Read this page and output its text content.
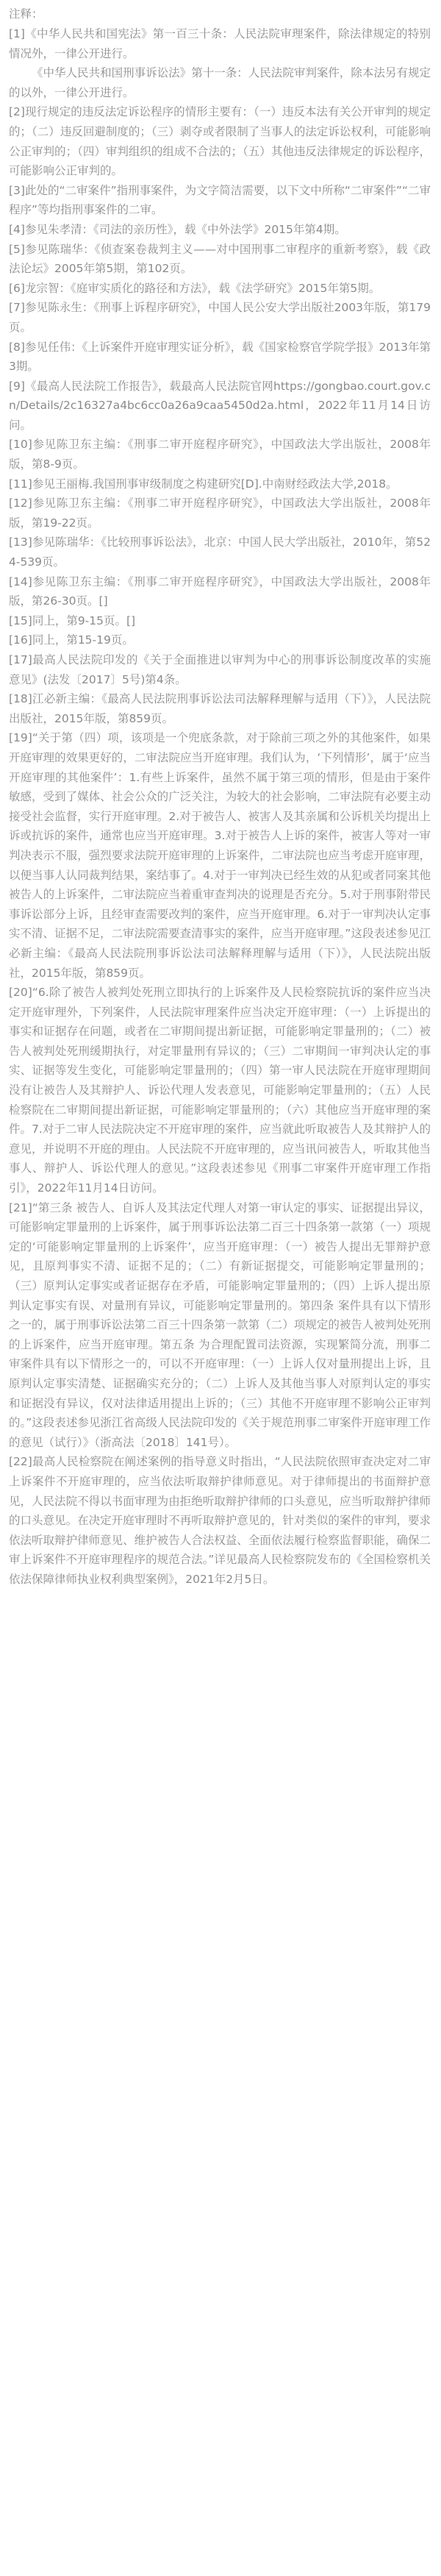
注释：

[1]《中华人民共和国宪法》第一百三十条：人民法院审理案件，除法律规定的特别情况外，一律公开进行。

《中华人民共和国刑事诉讼法》第十一条：人民法院审判案件，除本法另有规定的以外，一律公开进行。

[2]现行规定的违反法定诉讼程序的情形主要有：（一）违反本法有关公开审判的规定的；（二）违反回避制度的；（三）剥夺或者限制了当事人的法定诉讼权利，可能影响公正审判的；（四）审判组织的组成不合法的；（五）其他违反法律规定的诉讼程序，可能影响公正审判的。

[3]此处的“二审案件”指刑事案件，为文字简洁需要，以下文中所称“二审案件”“二审程序”等均指刑事案件的二审。

[4]参见朱孝清：《司法的亲历性》，载《中外法学》2015年第4期。

[5]参见陈瑞华：《侦查案卷裁判主义——对中国刑事二审程序的重新考察》，载《政法论坛》2005年第5期，第102页。

[6]龙宗智：《庭审实质化的路径和方法》，载《法学研究》2015年第5期。

[7]参见陈永生：《刑事上诉程序研究》，中国人民公安大学出版社2003年版，第179页。

[8]参见任伟：《上诉案件开庭审理实证分析》，载《国家检察官学院学报》2013年第3期。

[9]《最高人民法院工作报告》，载最高人民法院官网https://gongbao.court.gov.cn/Details/2c16327a4bc6cc0a26a9caa5450d2a.html，2022年11月14日访问。

[10]参见陈卫东主编：《刑事二审开庭程序研究》，中国政法大学出版社，2008年版，第8-9页。

[11]参见王丽梅.我国刑事审级制度之构建研究[D].中南财经政法大学,2018。

[12]参见陈卫东主编：《刑事二审开庭程序研究》，中国政法大学出版社，2008年版，第19-22页。

[13]参见陈瑞华：《比较刑事诉讼法》，北京：中国人民大学出版社，2010年，第524-539页。

[14]参见陈卫东主编：《刑事二审开庭程序研究》，中国政法大学出版社，2008年版，第26-30页。[]

[15]同上，第9-15页。[]

[16]同上，第15-19页。

[17]最高人民法院印发的《关于全面推进以审判为中心的刑事诉讼制度改革的实施意见》(法发〔2017〕5号)第4条。

[18]江必新主编：《最高人民法院刑事诉讼法司法解释理解与适用（下）》，人民法院出版社，2015年版，第859页。

[19]“关于第（四）项，该项是一个兜底条款，对于除前三项之外的其他案件，如果开庭审理的效果更好的，二审法院应当开庭审理。我们认为，‘下列情形’，属于‘应当开庭审理的其他案件’：1.有些上诉案件，虽然不属于第三项的情形，但是由于案件敏感，受到了媒体、社会公众的广泛关注，为较大的社会影响，二审法院有必要主动接受社会监督，实行开庭审理。2.对于被告人、被害人及其亲属和公诉机关均提出上诉或抗诉的案件，通常也应当开庭审理。3.对于被告人上诉的案件，被害人等对一审判决表示不服，强烈要求法院开庭审理的上诉案件，二审法院也应当考虑开庭审理，以便当事人认同裁判结果，案结事了。4.对于一审判决已经生效的从犯或者同案其他被告人的上诉案件，二审法院应当着重审查判决的说理是否充分。5.对于刑事附带民事诉讼部分上诉，且经审查需要改判的案件，应当开庭审理。6.对于一审判决认定事实不清、证据不足，二审法院需要查清事实的案件，应当开庭审理。”这段表述参见江必新主编：《最高人民法院刑事诉讼法司法解释理解与适用（下）》，人民法院出版社，2015年版，第859页。

[20]“6.除了被告人被判处死刑立即执行的上诉案件及人民检察院抗诉的案件应当决定开庭审理外，下列案件，人民法院审理案件应当决定开庭审理：（一）上诉提出的事实和证据存在问题，或者在二审期间提出新证据，可能影响定罪量刑的；（二）被告人被判处死刑缓期执行，对定罪量刑有异议的；（三）二审期间一审判决认定的事实、证据等发生变化，可能影响定罪量刑的；（四）第一审人民法院在开庭审理期间没有让被告人及其辩护人、诉讼代理人发表意见，可能影响定罪量刑的；（五）人民检察院在二审期间提出新证据，可能影响定罪量刑的；（六）其他应当开庭审理的案件。7.对于二审人民法院决定不开庭审理的案件，应当就此听取被告人及其辩护人的意见，并说明不开庭的理由。人民法院不开庭审理的，应当讯问被告人，听取其他当事人、辩护人、诉讼代理人的意见。”这段表述参见《刑事二审案件开庭审理工作指引》，2022年11月14日访问。

[21]“第三条 被告人、自诉人及其法定代理人对第一审认定的事实、证据提出异议，可能影响定罪量刑的上诉案件，属于刑事诉讼法第二百三十四条第一款第（一）项规定的‘可能影响定罪量刑的上诉案件’，应当开庭审理：（一）被告人提出无罪辩护意见，且原判事实不清、证据不足的；（二）有新证据提交，可能影响定罪量刑的；（三）原判认定事实或者证据存在矛盾，可能影响定罪量刑的；（四）上诉人提出原判认定事实有误、对量刑有异议，可能影响定罪量刑的。第四条 案件具有以下情形之一的，属于刑事诉讼法第二百三十四条第一款第（二）项规定的被告人被判处死刑的上诉案件，应当开庭审理。第五条 为合理配置司法资源，实现繁简分流，刑事二审案件具有以下情形之一的，可以不开庭审理：（一）上诉人仅对量刑提出上诉，且原判认定事实清楚、证据确实充分的；（二）上诉人及其他当事人对原判认定的事实和证据没有异议，仅对法律适用提出上诉的；（三）其他不开庭审理不影响公正审判的。”这段表述参见浙江省高级人民法院印发的《关于规范刑事二审案件开庭审理工作的意见（试行）》（浙高法〔2018〕141号）。

[22]最高人民检察院在阐述案例的指导意义时指出，“人民法院依照审查决定对二审上诉案件不开庭审理的，应当依法听取辩护律师意见。对于律师提出的书面辩护意见，人民法院不得以书面审理为由拒绝听取辩护律师的口头意见，应当听取辩护律师的口头意见。在决定开庭审理时不再听取辩护意见的，针对类似的案件的审判，要求依法听取辩护律师意见、维护被告人合法权益、全面依法履行检察监督职能，确保二审上诉案件不开庭审理程序的规范合法。”详见最高人民检察院发布的《全国检察机关依法保障律师执业权利典型案例》，2021年2月5日。
